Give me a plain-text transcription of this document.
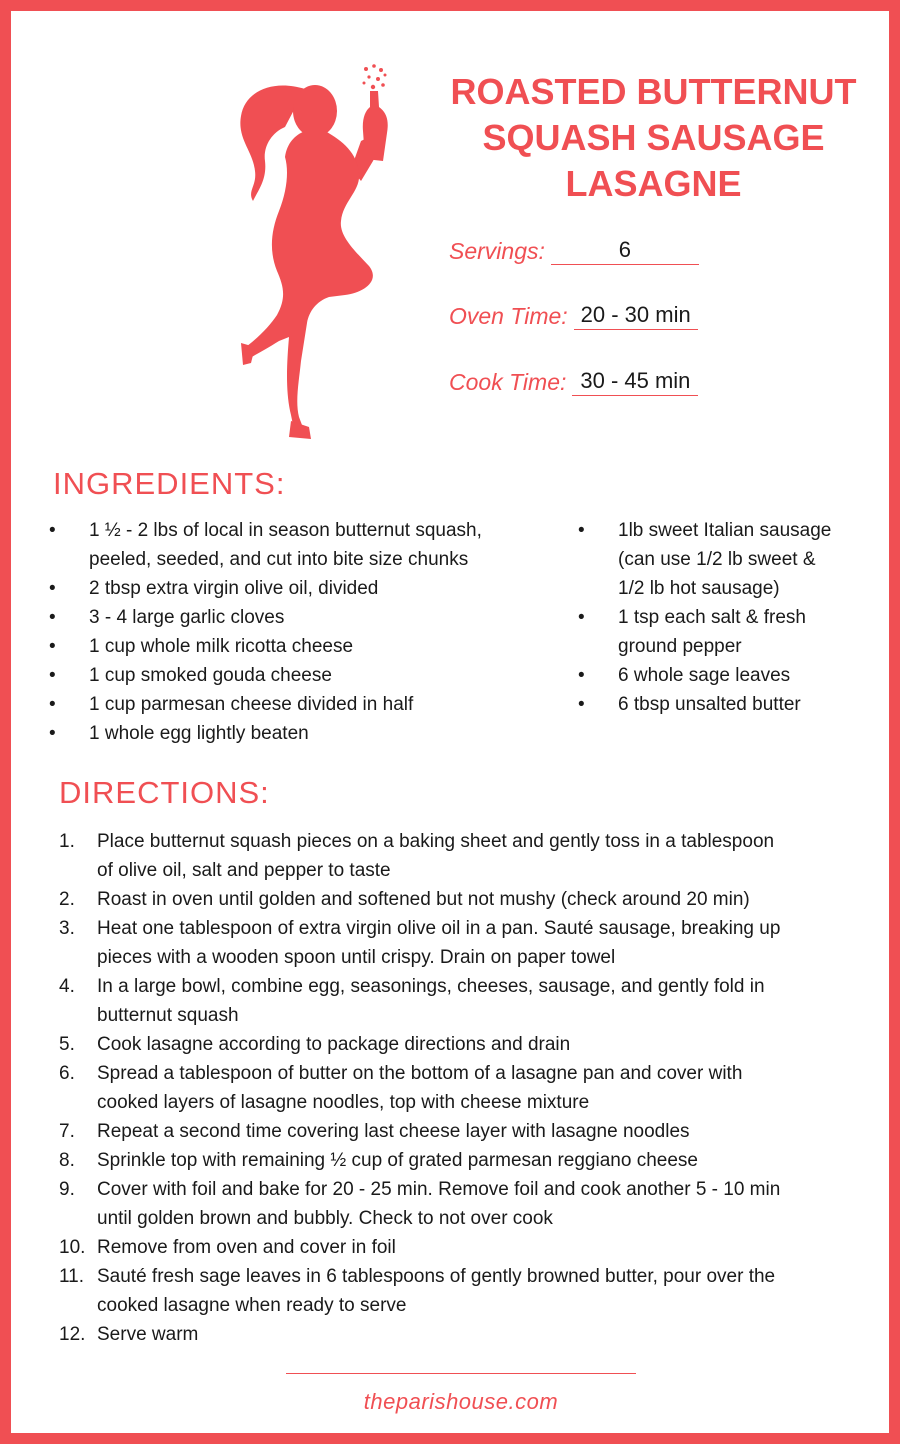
ROASTED BUTTERNUT
SQUASH SAUSAGE
LASAGNE
Servings:	6
Oven Time: 20 - 30 min
Cook Time: 30 - 45 min
INGREDIENTS:
• 1 ½ - 2 lbs of local in season butternut squash,
peeled, seeded, and cut into bite size chunks
• 2 tbsp extra virgin olive oil, divided
• 3 - 4 large garlic cloves
• 1 cup whole milk ricotta cheese
• 1 cup smoked gouda cheese
• 1 cup parmesan cheese divided in half
• 1 whole egg lightly beaten
• 1lb sweet Italian sausage
(can use 1/2 lb sweet &
1/2 lb hot sausage)
• 1 tsp each salt & fresh
ground pepper
• 6 whole sage leaves
• 6 tbsp unsalted butter
DIRECTIONS:
1. Place butternut squash pieces on a baking sheet and gently toss in a tablespoon
of olive oil, salt and pepper to taste
2. Roast in oven until golden and softened but not mushy (check around 20 min)
3. Heat one tablespoon of extra virgin olive oil in a pan. Sauté sausage, breaking up
pieces with a wooden spoon until crispy. Drain on paper towel
4. In a large bowl, combine egg, seasonings, cheeses, sausage, and gently fold in
butternut squash
5. Cook lasagne according to package directions and drain
6. Spread a tablespoon of butter on the bottom of a lasagne pan and cover with
cooked layers of lasagne noodles, top with cheese mixture
7. Repeat a second time covering last cheese layer with lasagne noodles
8. Sprinkle top with remaining ½ cup of grated parmesan reggiano cheese
9. Cover with foil and bake for 20 - 25 min. Remove foil and cook another 5 - 10 min
until golden brown and bubbly. Check to not over cook
10. Remove from oven and cover in foil
11. Sauté fresh sage leaves in 6 tablespoons of gently browned butter, pour over the
cooked lasagne when ready to serve
12. Serve warm
theparishouse.com
